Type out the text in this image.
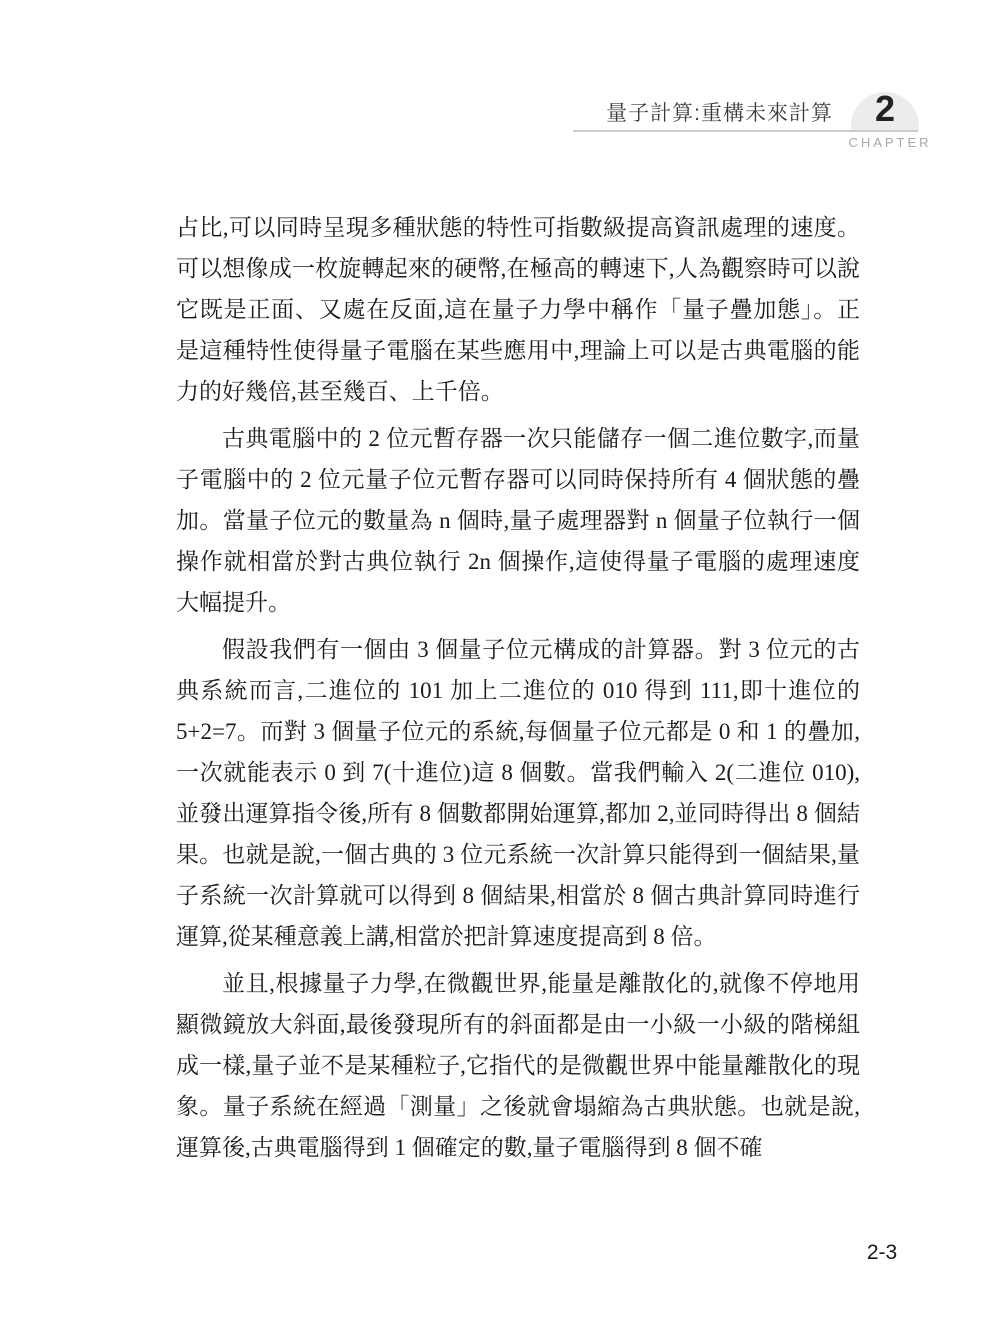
量子計算:重構未來計算	2
CHAPTER

占比,可以同時呈現多種狀態的特性可指數級提高資訊處理的速度。可以想像成一枚旋轉起來的硬幣,在極高的轉速下,人為觀察時可以說它既是正面、又處在反面,這在量子力學中稱作「量子疊加態」。正是這種特性使得量子電腦在某些應用中,理論上可以是古典電腦的能力的好幾倍,甚至幾百、上千倍。

古典電腦中的 2 位元暫存器一次只能儲存一個二進位數字,而量子電腦中的 2 位元量子位元暫存器可以同時保持所有 4 個狀態的疊加。當量子位元的數量為 n 個時,量子處理器對 n 個量子位執行一個操作就相當於對古典位執行 2n 個操作,這使得量子電腦的處理速度大幅提升。

假設我們有一個由 3 個量子位元構成的計算器。對 3 位元的古典系統而言,二進位的 101 加上二進位的 010 得到 111,即十進位的 5+2=7。而對 3 個量子位元的系統,每個量子位元都是 0 和 1 的疊加,一次就能表示 0 到 7(十進位)這 8 個數。當我們輸入 2(二進位 010),並發出運算指令後,所有 8 個數都開始運算,都加 2,並同時得出 8 個結果。也就是說,一個古典的 3 位元系統一次計算只能得到一個結果,量子系統一次計算就可以得到 8 個結果,相當於 8 個古典計算同時進行運算,從某種意義上講,相當於把計算速度提高到 8 倍。

並且,根據量子力學,在微觀世界,能量是離散化的,就像不停地用顯微鏡放大斜面,最後發現所有的斜面都是由一小級一小級的階梯組成一樣,量子並不是某種粒子,它指代的是微觀世界中能量離散化的現象。量子系統在經過「測量」之後就會塌縮為古典狀態。也就是說,運算後,古典電腦得到 1 個確定的數,量子電腦得到 8 個不確

2-3
